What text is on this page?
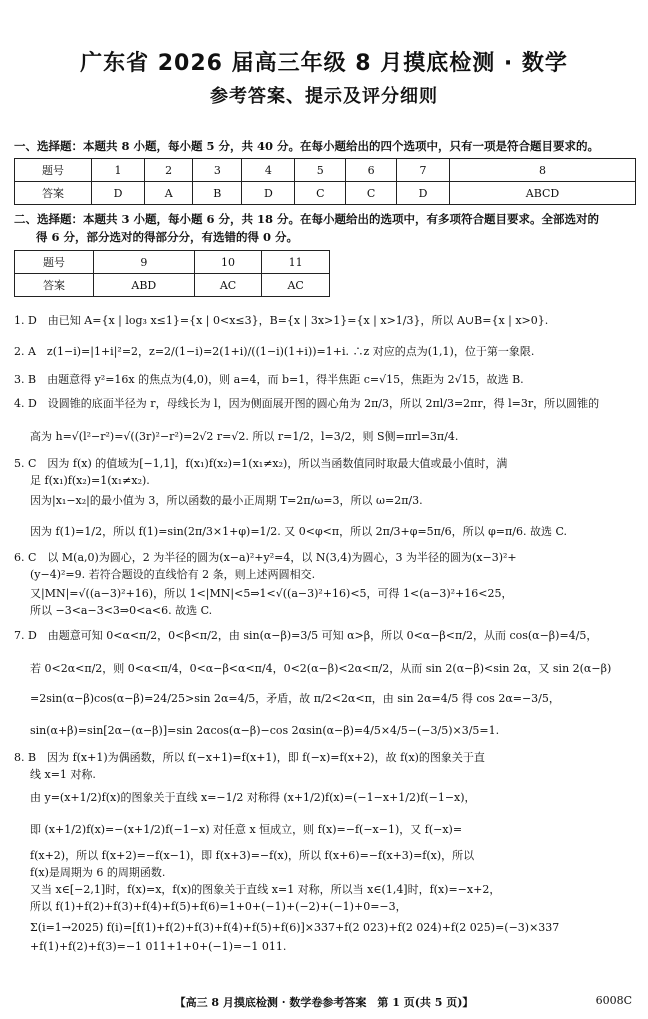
广东省 2026 届高三年级 8 月摸底检测 · 数学
参考答案、提示及评分细则
一、选择题：本题共 8 小题，每小题 5 分，共 40 分。在每小题给出的四个选项中，只有一项是符合题目要求的。
题号	1	2	3	4	5	6	7	8
答案	D	A	B	D	C	C	D	ABCD
二、选择题：本题共 3 小题，每小题 6 分，共 18 分。在每小题给出的选项中，有多项符合题目要求。全部选对的
得 6 分，部分选对的得部分分，有选错的得 0 分。
题号	9	10	11
答案	ABD	AC	AC
1. D　由已知 A={x | log₃ x≤1}={x | 0<x≤3}，B={x | 3x>1}={x | x>1/3}，所以 A∪B={x | x>0}.
2. A　z(1−i)=|1+i|²=2，z=2/(1−i)=2(1+i)/((1−i)(1+i))=1+i. ∴z 对应的点为(1,1)，位于第一象限.
3. B　由题意得 y²=16x 的焦点为(4,0)，则 a=4，而 b=1，得半焦距 c=√15，焦距为 2√15，故选 B.
4. D　设圆锥的底面半径为 r，母线长为 l，因为侧面展开图的圆心角为 2π/3，所以 2πl/3=2πr，得 l=3r，所以圆锥的
高为 h=√(l²−r²)=√((3r)²−r²)=2√2 r=√2. 所以 r=1/2，l=3/2，则 S侧=πrl=3π/4.
5. C　因为 f(x) 的值域为[−1,1]，f(x₁)f(x₂)=1(x₁≠x₂)，所以当函数值同时取最大值或最小值时，满
足 f(x₁)f(x₂)=1(x₁≠x₂).
因为|x₁−x₂|的最小值为 3，所以函数的最小正周期 T=2π/ω=3，所以 ω=2π/3.
因为 f(1)=1/2，所以 f(1)=sin(2π/3×1+φ)=1/2. 又 0<φ<π，所以 2π/3+φ=5π/6，所以 φ=π/6. 故选 C.
6. C　以 M(a,0)为圆心，2 为半径的圆为(x−a)²+y²=4，以 N(3,4)为圆心，3 为半径的圆为(x−3)²+
(y−4)²=9. 若符合题设的直线恰有 2 条，则上述两圆相交.
又|MN|=√((a−3)²+16)，所以 1<|MN|<5⇒1<√((a−3)²+16)<5，可得 1<(a−3)²+16<25，
所以 −3<a−3<3⇒0<a<6. 故选 C.
7. D　由题意可知 0<α<π/2，0<β<π/2，由 sin(α−β)=3/5 可知 α>β，所以 0<α−β<π/2，从而 cos(α−β)=4/5，
若 0<2α<π/2，则 0<α<π/4，0<α−β<α<π/4，0<2(α−β)<2α<π/2，从而 sin 2(α−β)<sin 2α，又 sin 2(α−β)
=2sin(α−β)cos(α−β)=24/25>sin 2α=4/5，矛盾，故 π/2<2α<π，由 sin 2α=4/5 得 cos 2α=−3/5，
sin(α+β)=sin[2α−(α−β)]=sin 2αcos(α−β)−cos 2αsin(α−β)=4/5×4/5−(−3/5)×3/5=1.
8. B　因为 f(x+1)为偶函数，所以 f(−x+1)=f(x+1)，即 f(−x)=f(x+2)，故 f(x)的图象关于直
线 x=1 对称.
由 y=(x+1/2)f(x)的图象关于直线 x=−1/2 对称得 (x+1/2)f(x)=(−1−x+1/2)f(−1−x)，
即 (x+1/2)f(x)=−(x+1/2)f(−1−x) 对任意 x 恒成立，则 f(x)=−f(−x−1)，又 f(−x)=
f(x+2)，所以 f(x+2)=−f(x−1)，即 f(x+3)=−f(x)，所以 f(x+6)=−f(x+3)=f(x)，所以
f(x)是周期为 6 的周期函数.
又当 x∈[−2,1]时，f(x)=x，f(x)的图象关于直线 x=1 对称，所以当 x∈(1,4]时，f(x)=−x+2，
所以 f(1)+f(2)+f(3)+f(4)+f(5)+f(6)=1+0+(−1)+(−2)+(−1)+0=−3，
Σ(i=1→2025) f(i)=[f(1)+f(2)+f(3)+f(4)+f(5)+f(6)]×337+f(2 023)+f(2 024)+f(2 025)=(−3)×337
+f(1)+f(2)+f(3)=−1 011+1+0+(−1)=−1 011.
【高三 8 月摸底检测 · 数学卷参考答案　第 1 页(共 5 页)】	6008C
